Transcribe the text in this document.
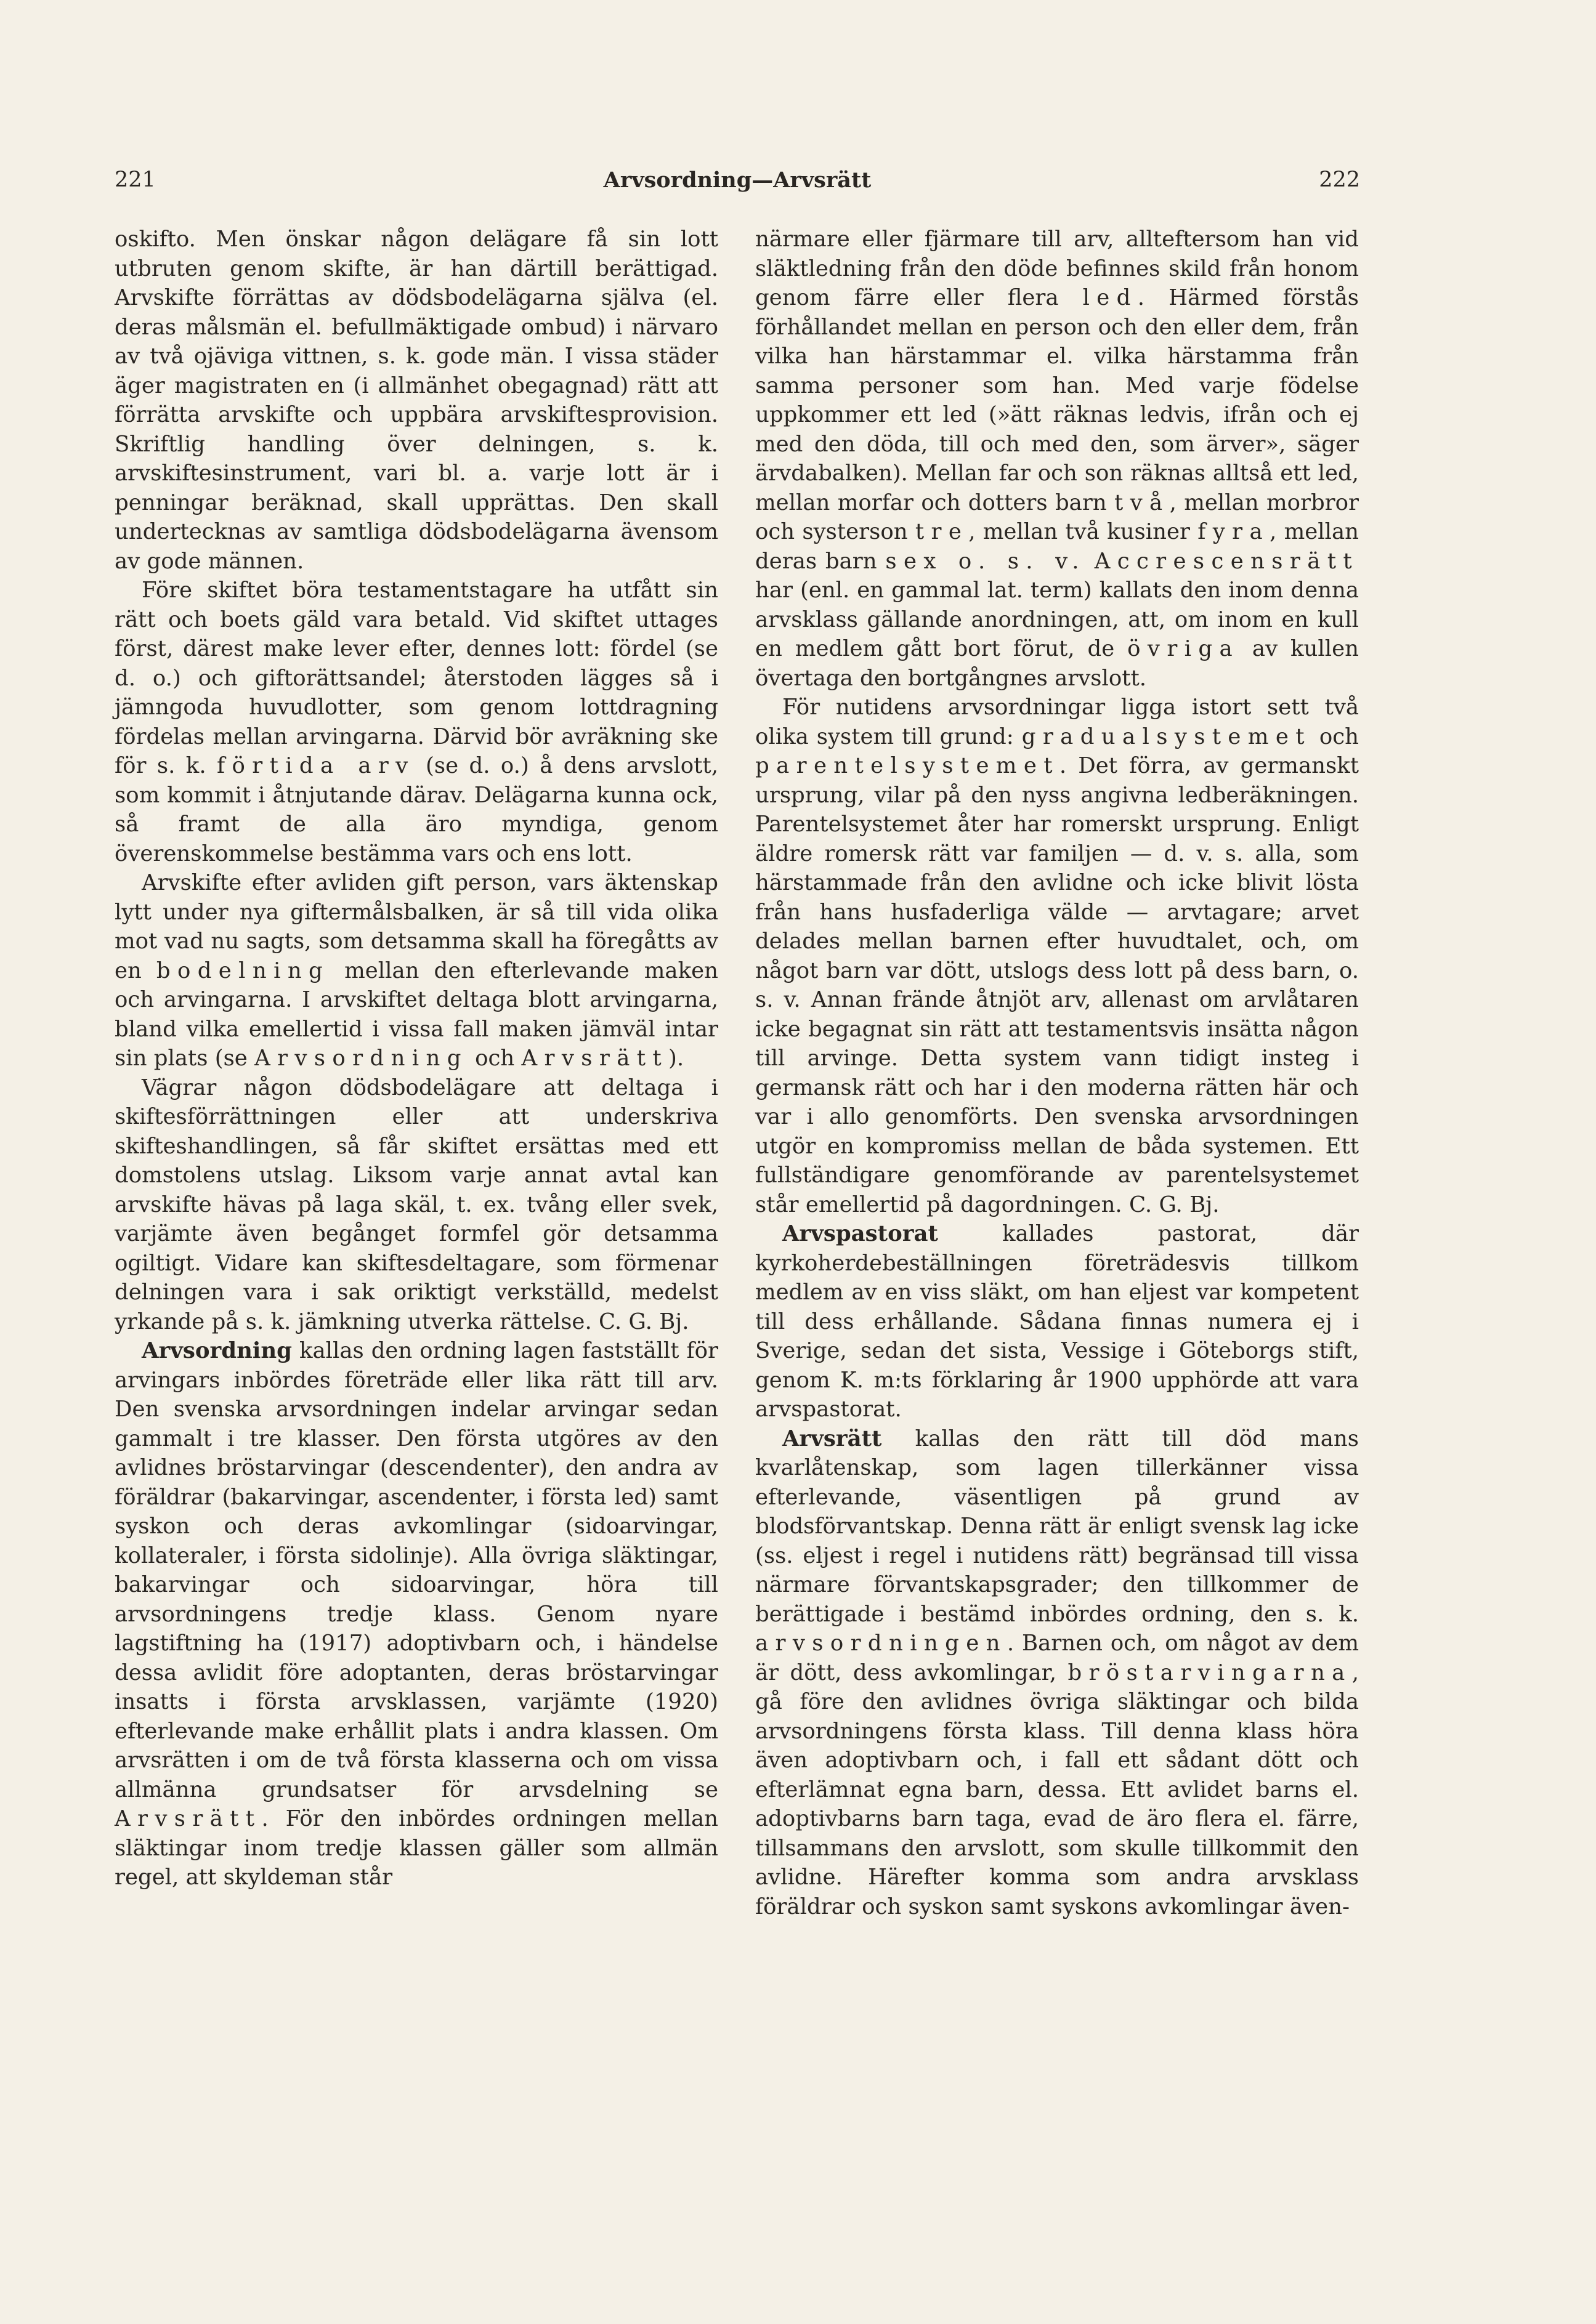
221	Arvsordning—Arvsrätt	222

oskifto. Men önskar någon delägare få sin lott utbruten genom skifte, är han därtill berättigad. Arvskifte förrättas av dödsbodelägarna själva (el. deras målsmän el. befullmäktigade ombud) i närvaro av två ojäviga vittnen, s. k. gode män. I vissa städer äger magistraten en (i allmänhet obegagnad) rätt att förrätta arvskifte och uppbära arvskiftesprovision. Skriftlig handling över delningen, s. k. arvskiftesinstrument, vari bl. a. varje lott är i penningar beräknad, skall upprättas. Den skall undertecknas av samtliga dödsbodelägarna ävensom av gode männen.

Före skiftet böra testamentstagare ha utfått sin rätt och boets gäld vara betald. Vid skiftet uttages först, därest make lever efter, dennes lott: fördel (se d. o.) och giftorättsandel; återstoden lägges så i jämngoda huvudlotter, som genom lottdragning fördelas mellan arvingarna. Därvid bör avräkning ske för s. k. förtida arv (se d. o.) å dens arvslott, som kommit i åtnjutande därav. Delägarna kunna ock, så framt de alla äro myndiga, genom överenskommelse bestämma vars och ens lott.

Arvskifte efter avliden gift person, vars äktenskap lytt under nya giftermålsbalken, är så till vida olika mot vad nu sagts, som detsamma skall ha föregåtts av en bodelning mellan den efterlevande maken och arvingarna. I arvskiftet deltaga blott arvingarna, bland vilka emellertid i vissa fall maken jämväl intar sin plats (se Arvsordning och Arvsrätt).

Vägrar någon dödsbodelägare att deltaga i skiftesförrättningen eller att underskriva skifteshandlingen, så får skiftet ersättas med ett domstolens utslag. Liksom varje annat avtal kan arvskifte hävas på laga skäl, t. ex. tvång eller svek, varjämte även begånget formfel gör detsamma ogiltigt. Vidare kan skiftesdeltagare, som förmenar delningen vara i sak oriktigt verkställd, medelst yrkande på s. k. jämkning utverka rättelse. C. G. Bj.

Arvsordning kallas den ordning lagen fastställt för arvingars inbördes företräde eller lika rätt till arv. Den svenska arvsordningen indelar arvingar sedan gammalt i tre klasser. Den första utgöres av den avlidnes bröstarvingar (descendenter), den andra av föräldrar (bakarvingar, ascendenter, i första led) samt syskon och deras avkomlingar (sidoarvingar, kollateraler, i första sidolinje). Alla övriga släktingar, bakarvingar och sidoarvingar, höra till arvsordningens tredje klass. Genom nyare lagstiftning ha (1917) adoptivbarn och, i händelse dessa avlidit före adoptanten, deras bröstarvingar insatts i första arvsklassen, varjämte (1920) efterlevande make erhållit plats i andra klassen. Om arvsrätten i om de två första klasserna och om vissa allmänna grundsatser för arvsdelning se Arvsrätt. För den inbördes ordningen mellan släktingar inom tredje klassen gäller som allmän regel, att skyldeman står

närmare eller fjärmare till arv, allteftersom han vid släktledning från den döde befinnes skild från honom genom färre eller flera led. Härmed förstås förhållandet mellan en person och den eller dem, från vilka han härstammar el. vilka härstamma från samma personer som han. Med varje födelse uppkommer ett led (»ätt räknas ledvis, ifrån och ej med den döda, till och med den, som ärver», säger ärvdabalken). Mellan far och son räknas alltså ett led, mellan morfar och dotters barn två, mellan morbror och systerson tre, mellan två kusiner fyra, mellan deras barn sex o. s. v. Accrescensrätt har (enl. en gammal lat. term) kallats den inom denna arvsklass gällande anordningen, att, om inom en kull en medlem gått bort förut, de övriga av kullen övertaga den bortgångnes arvslott.

För nutidens arvsordningar ligga istort sett två olika system till grund: gradualsystemet och parentelsystemet. Det förra, av germanskt ursprung, vilar på den nyss angivna ledberäkningen. Parentelsystemet åter har romerskt ursprung. Enligt äldre romersk rätt var familjen — d. v. s. alla, som härstammade från den avlidne och icke blivit lösta från hans husfaderliga välde — arvtagare; arvet delades mellan barnen efter huvudtalet, och, om något barn var dött, utslogs dess lott på dess barn, o. s. v. Annan frände åtnjöt arv, allenast om arvlåtaren icke begagnat sin rätt att testamentsvis insätta någon till arvinge. Detta system vann tidigt insteg i germansk rätt och har i den moderna rätten här och var i allo genomförts. Den svenska arvsordningen utgör en kompromiss mellan de båda systemen. Ett fullständigare genomförande av parentelsystemet står emellertid på dagordningen. C. G. Bj.

Arvspastorat	kallades pastorat, där kyrkoherdebeställningen företrädesvis tillkom medlem av en viss släkt, om han eljest var kompetent till dess erhållande. Sådana finnas numera ej i Sverige, sedan det sista, Vessige i Göteborgs stift, genom K. m:ts förklaring år 1900 upphörde att vara arvspastorat.

Arvsrätt kallas den rätt till död mans kvarlåtenskap, som lagen tillerkänner vissa efterlevande, väsentligen på grund av blodsförvantskap. Denna rätt är enligt svensk lag icke (ss. eljest i regel i nutidens rätt) begränsad till vissa närmare förvantskapsgrader; den tillkommer de berättigade i bestämd inbördes ordning, den s. k. arvsordningen. Barnen och, om något av dem är dött, dess avkomlingar, bröstarvingarna, gå före den avlidnes övriga släktingar och bilda arvsordningens första klass. Till denna klass höra även adoptivbarn och, i fall ett sådant dött och efterlämnat egna barn, dessa. Ett avlidet barns el. adoptivbarns barn taga, evad de äro flera el. färre, tillsammans den arvslott, som skulle tillkommit den avlidne. Härefter komma som andra arvsklass föräldrar och syskon samt syskons avkomlingar även-
